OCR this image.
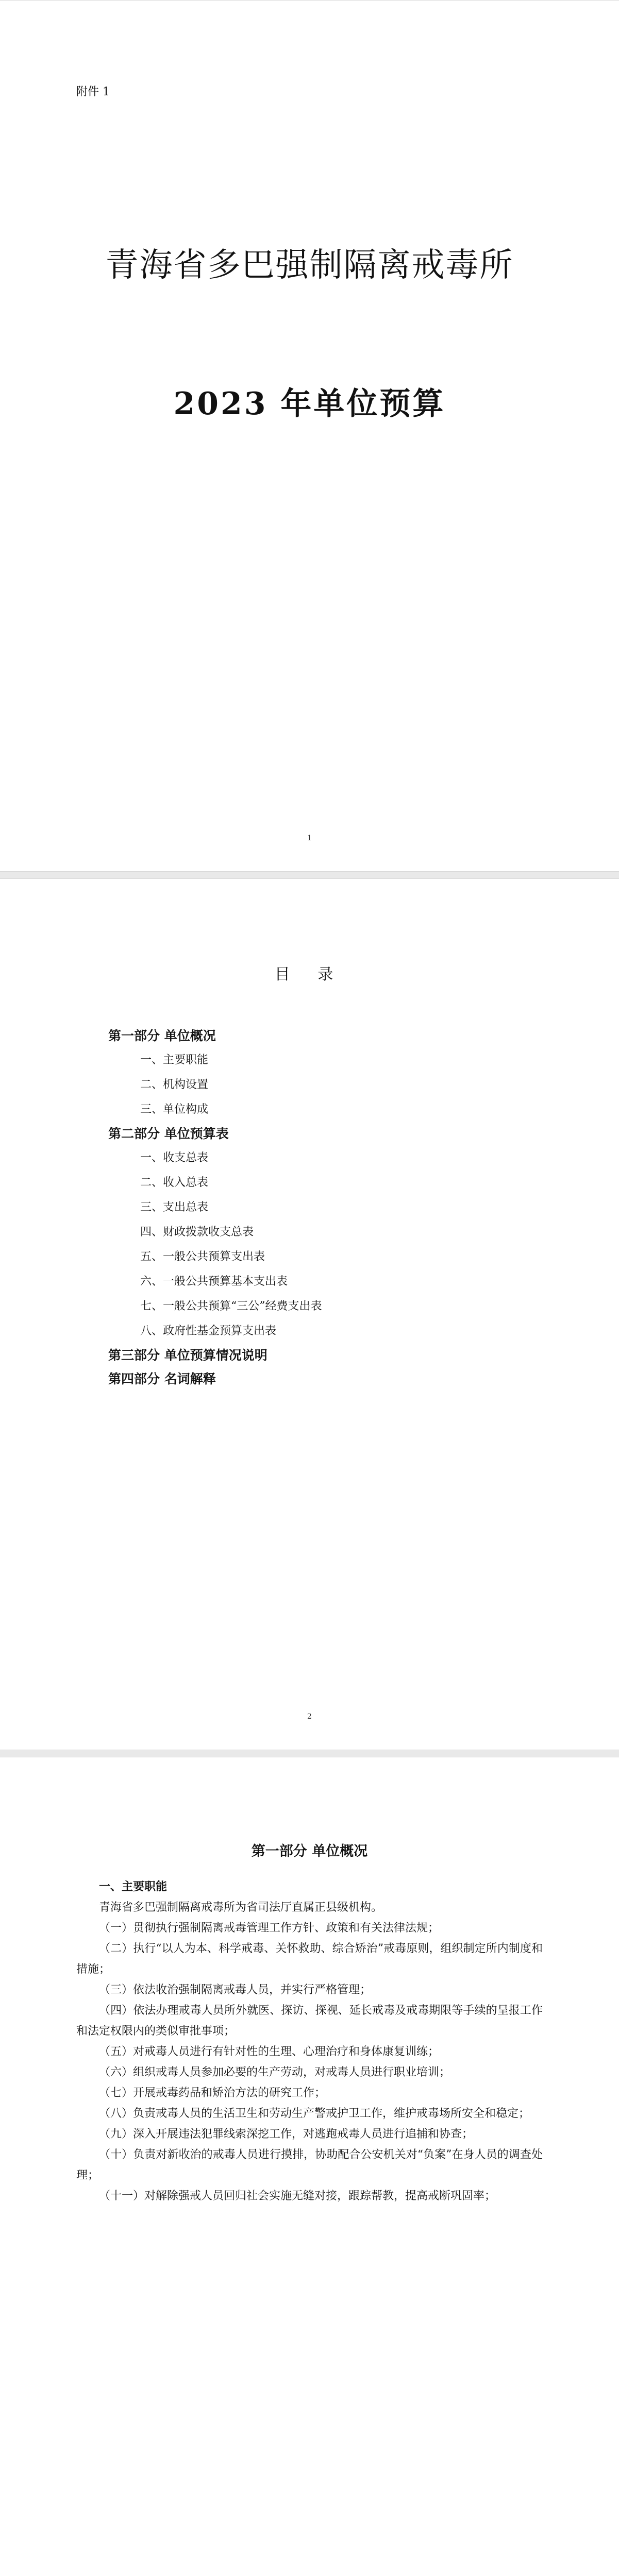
附件 1
青海省多巴强制隔离戒毒所
2023 年单位预算
1
目 录
第一部分 单位概况
一、主要职能
二、机构设置
三、单位构成
第二部分 单位预算表
一、收支总表
二、收入总表
三、支出总表
四、财政拨款收支总表
五、一般公共预算支出表
六、一般公共预算基本支出表
七、一般公共预算“三公”经费支出表
八、政府性基金预算支出表
第三部分 单位预算情况说明
第四部分 名词解释
2
第一部分 单位概况
一、主要职能

青海省多巴强制隔离戒毒所为省司法厅直属正县级机构。

（一）贯彻执行强制隔离戒毒管理工作方针、政策和有关法律法规；

（二）执行“以人为本、科学戒毒、关怀救助、综合矫治”戒毒原则，组织制定所内制度和措施；

（三）依法收治强制隔离戒毒人员，并实行严格管理；

（四）依法办理戒毒人员所外就医、探访、探视、延长戒毒及戒毒期限等手续的呈报工作和法定权限内的类似审批事项；

（五）对戒毒人员进行有针对性的生理、心理治疗和身体康复训练；

（六）组织戒毒人员参加必要的生产劳动，对戒毒人员进行职业培训；

（七）开展戒毒药品和矫治方法的研究工作；

（八）负责戒毒人员的生活卫生和劳动生产警戒护卫工作，维护戒毒场所安全和稳定；

（九）深入开展违法犯罪线索深挖工作，对逃跑戒毒人员进行追捕和协查；

（十）负责对新收治的戒毒人员进行摸排，协助配合公安机关对“负案”在身人员的调查处理；

（十一）对解除强戒人员回归社会实施无缝对接，跟踪帮教，提高戒断巩固率；
